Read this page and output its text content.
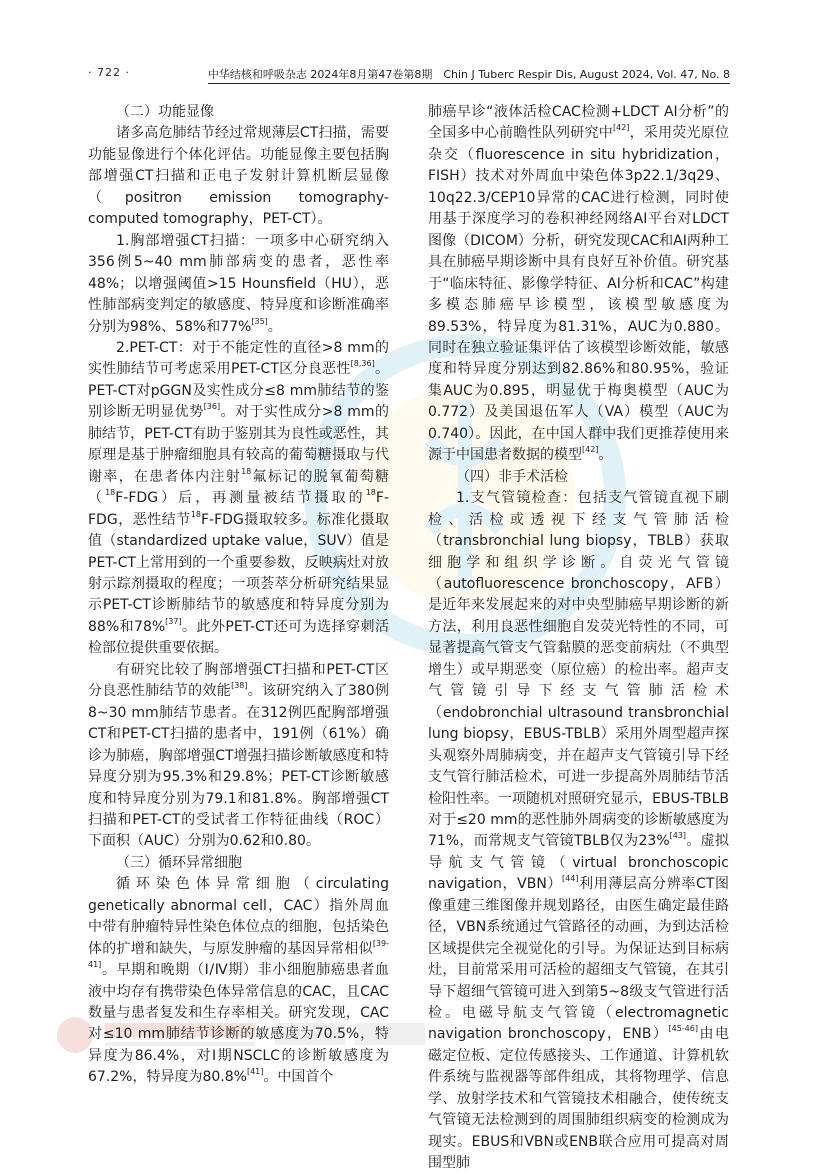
· 722 ·	中华结核和呼吸杂志 2024年8月第47卷第8期　Chin J Tuberc Respir Dis, August 2024, Vol. 47, No. 8

（二）功能显像

诸多高危肺结节经过常规薄层CT扫描，需要功能显像进行个体化评估。功能显像主要包括胸部增强CT扫描和正电子发射计算机断层显像（positron emission tomography-computed tomography，PET-CT）。

1.胸部增强CT扫描：一项多中心研究纳入356例5~40 mm肺部病变的患者，恶性率48%；以增强阈值>15 Hounsfield（HU），恶性肺部病变判定的敏感度、特异度和诊断准确率分别为98%、58%和77%[35]。

2.PET-CT：对于不能定性的直径>8 mm的实性肺结节可考虑采用PET-CT区分良恶性[8,36]。PET-CT对pGGN及实性成分≤8 mm肺结节的鉴别诊断无明显优势[36]。对于实性成分>8 mm的肺结节，PET-CT有助于鉴别其为良性或恶性，其原理是基于肿瘤细胞具有较高的葡萄糖摄取与代谢率，在患者体内注射$^{18}$氟标记的脱氧葡萄糖（$^{18}$F-FDG）后，再测量被结节摄取的$^{18}$F-FDG，恶性结节$^{18}$F-FDG摄取较多。标准化摄取值（standardized uptake value，SUV）值是PET-CT上常用到的一个重要参数，反映病灶对放射示踪剂摄取的程度；一项荟萃分析研究结果显示PET-CT诊断肺结节的敏感度和特异度分别为88%和78%[37]。此外PET-CT还可为选择穿刺活检部位提供重要依据。

有研究比较了胸部增强CT扫描和PET-CT区分良恶性肺结节的效能[38]。该研究纳入了380例8~30 mm肺结节患者。在312例匹配胸部增强CT和PET-CT扫描的患者中，191例（61%）确诊为肺癌，胸部增强CT增强扫描诊断敏感度和特异度分别为95.3%和29.8%；PET-CT诊断敏感度和特异度分别为79.1和81.8%。胸部增强CT扫描和PET-CT的受试者工作特征曲线（ROC）下面积（AUC）分别为0.62和0.80。

（三）循环异常细胞

循环染色体异常细胞（circulating genetically abnormal cell，CAC）指外周血中带有肿瘤特异性染色体位点的细胞，包括染色体的扩增和缺失，与原发肿瘤的基因异常相似[39-41]。早期和晚期（Ⅰ/Ⅳ期）非小细胞肺癌患者血液中均存有携带染色体异常信息的CAC，且CAC数量与患者复发和生存率相关。研究发现，CAC对≤10 mm肺结节诊断的敏感度为70.5%，特异度为86.4%，对Ⅰ期NSCLC的诊断敏感度为67.2%，特异度为80.8%[41]。中国首个

肺癌早诊“液体活检CAC检测+LDCT AI分析”的全国多中心前瞻性队列研究中[42]，采用荧光原位杂交（fluorescence in situ hybridization，FISH）技术对外周血中染色体3p22.1/3q29、10q22.3/CEP10异常的CAC进行检测，同时使用基于深度学习的卷积神经网络AI平台对LDCT图像（DICOM）分析，研究发现CAC和AI两种工具在肺癌早期诊断中具有良好互补价值。研究基于“临床特征、影像学特征、AI分析和CAC”构建多模态肺癌早诊模型，该模型敏感度为89.53%，特异度为81.31%，AUC为0.880。同时在独立验证集评估了该模型诊断效能，敏感度和特异度分别达到82.86%和80.95%，验证集AUC为0.895，明显优于梅奥模型（AUC为0.772）及美国退伍军人（VA）模型（AUC为0.740）。因此，在中国人群中我们更推荐使用来源于中国患者数据的模型[42]。

（四）非手术活检

1.支气管镜检查：包括支气管镜直视下刷检、活检或透视下经支气管肺活检（transbronchial lung biopsy，TBLB）获取细胞学和组织学诊断。自荧光气管镜（autofluorescence bronchoscopy，AFB）是近年来发展起来的对中央型肺癌早期诊断的新方法，利用良恶性细胞自发荧光特性的不同，可显著提高气管支气管黏膜的恶变前病灶（不典型增生）或早期恶变（原位癌）的检出率。超声支气管镜引导下经支气管肺活检术（endobronchial ultrasound transbronchial lung biopsy，EBUS-TBLB）采用外周型超声探头观察外周肺病变，并在超声支气管镜引导下经支气管行肺活检术，可进一步提高外周肺结节活检阳性率。一项随机对照研究显示，EBUS-TBLB对于≤20 mm的恶性肺外周病变的诊断敏感度为71%，而常规支气管镜TBLB仅为23%[43]。虚拟导航支气管镜（virtual bronchoscopic navigation，VBN）[44]利用薄层高分辨率CT图像重建三维图像并规划路径，由医生确定最佳路径，VBN系统通过气管路径的动画，为到达活检区域提供完全视觉化的引导。为保证达到目标病灶，目前常采用可活检的超细支气管镜，在其引导下超细气管镜可进入到第5~8级支气管进行活检。电磁导航支气管镜（electromagnetic navigation bronchoscopy，ENB）[45-46]由电磁定位板、定位传感接头、工作通道、计算机软件系统与监视器等部件组成，其将物理学、信息学、放射学技术和气管镜技术相融合，使传统支气管镜无法检测到的周围肺组织病变的检测成为现实。EBUS和VBN或ENB联合应用可提高对周围型肺
